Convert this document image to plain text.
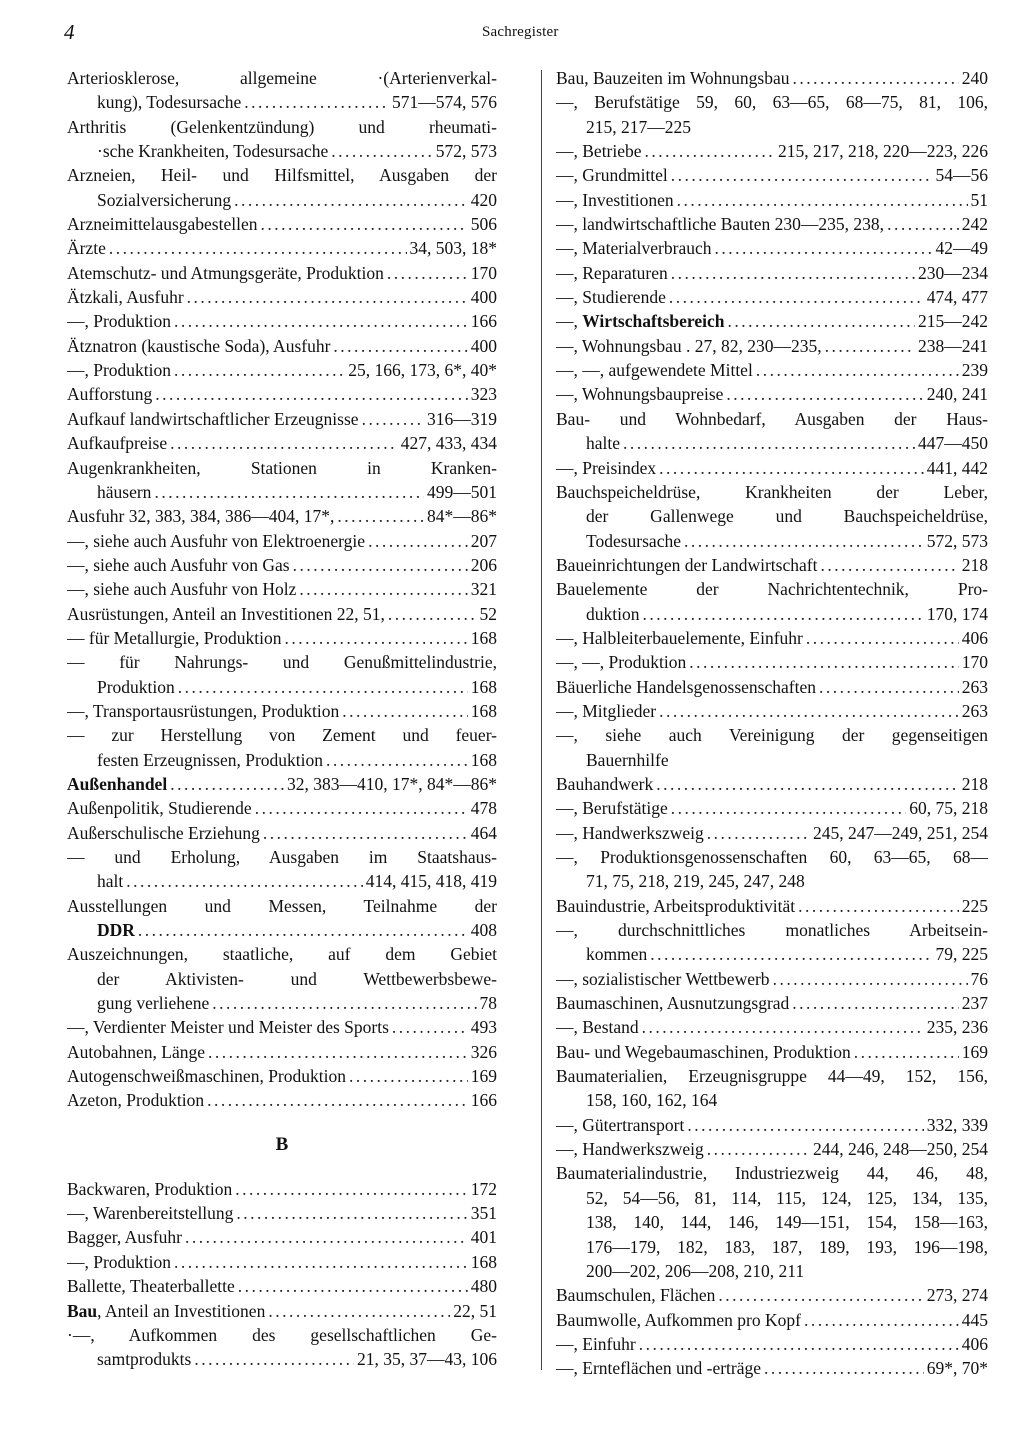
4	Sachregister
Arteriosklerose, allgemeine ·(Arterienverkal-
kung), Todesursache .....	571—574, 576
Arthritis (Gelenkentzündung) und rheumati-
·sche Krankheiten, Todesursache .....	572, 573
Arzneien, Heil- und Hilfsmittel, Ausgaben der
Sozialversicherung .....	420
Arzneimittelausgabestellen .....	506
Ärzte .....	34, 503, 18*
Atemschutz- und Atmungsgeräte, Produktion .....	170
Ätzkali, Ausfuhr .....	400
—, Produktion .....	166
Ätznatron (kaustische Soda), Ausfuhr .....	400
—, Produktion .....	25, 166, 173, 6*, 40*
Aufforstung .....	323
Aufkauf landwirtschaftlicher Erzeugnisse .....	316—319
Aufkaufpreise .....	427, 433, 434
Augenkrankheiten, Stationen in Kranken-
häusern .....	499—501
Ausfuhr 32, 383, 384, 386—404, 17*, .....	84*—86*
—, siehe auch Ausfuhr von Elektroenergie .....	207
—, siehe auch Ausfuhr von Gas .....	206
—, siehe auch Ausfuhr von Holz .....	321
Ausrüstungen, Anteil an Investitionen 22, 51, .....	52
— für Metallurgie, Produktion .....	168
— für Nahrungs- und Genußmittelindustrie,
Produktion .....	168
—, Transportausrüstungen, Produktion .....	168
— zur Herstellung von Zement und feuer-
festen Erzeugnissen, Produktion .....	168
Außenhandel .....	32, 383—410, 17*, 84*—86*
Außenpolitik, Studierende .....	478
Außerschulische Erziehung .....	464
— und Erholung, Ausgaben im Staatshaus-
halt .....	414, 415, 418, 419
Ausstellungen und Messen, Teilnahme der
DDR .....	408
Auszeichnungen, staatliche, auf dem Gebiet
der Aktivisten- und Wettbewerbsbewe-
gung verliehene .....	78
—, Verdienter Meister und Meister des Sports .....	493
Autobahnen, Länge .....	326
Autogenschweißmaschinen, Produktion .....	169
Azeton, Produktion .....	166
B
Backwaren, Produktion .....	172
—, Warenbereitstellung .....	351
Bagger, Ausfuhr .....	401
—, Produktion .....	168
Ballette, Theaterballette .....	480
Bau, Anteil an Investitionen .....	22, 51
·—, Aufkommen des gesellschaftlichen Ge-
samtprodukts .....	21, 35, 37—43, 106
Bau, Bauzeiten im Wohnungsbau .....	240
—, Berufstätige 59, 60, 63—65, 68—75, 81, 106,
215, 217—225
—, Betriebe .....	215, 217, 218, 220—223, 226
—, Grundmittel .....	54—56
—, Investitionen .....	51
—, landwirtschaftliche Bauten 230—235, 238, .....	242
—, Materialverbrauch .....	42—49
—, Reparaturen .....	230—234
—, Studierende .....	474, 477
—, Wirtschaftsbereich .....	215—242
—, Wohnungsbau . 27, 82, 230—235, .....	238—241
—, —, aufgewendete Mittel .....	239
—, Wohnungsbaupreise .....	240, 241
Bau- und Wohnbedarf, Ausgaben der Haus-
halte .....	447—450
—, Preisindex .....	441, 442
Bauchspeicheldrüse, Krankheiten der Leber,
der Gallenwege und Bauchspeicheldrüse,
Todesursache .....	572, 573
Baueinrichtungen der Landwirtschaft .....	218
Bauelemente der Nachrichtentechnik, Pro-
duktion .....	170, 174
—, Halbleiterbauelemente, Einfuhr .....	406
—, —, Produktion .....	170
Bäuerliche Handelsgenossenschaften .....	263
—, Mitglieder .....	263
—, siehe auch Vereinigung der gegenseitigen
Bauernhilfe
Bauhandwerk .....	218
—, Berufstätige .....	60, 75, 218
—, Handwerkszweig .....	245, 247—249, 251, 254
—, Produktionsgenossenschaften 60, 63—65, 68—
71, 75, 218, 219, 245, 247, 248
Bauindustrie, Arbeitsproduktivität .....	225
—, durchschnittliches monatliches Arbeitsein-
kommen .....	79, 225
—, sozialistischer Wettbewerb .....	76
Baumaschinen, Ausnutzungsgrad .....	237
—, Bestand .....	235, 236
Bau- und Wegebaumaschinen, Produktion .....	169
Baumaterialien, Erzeugnisgruppe 44—49, 152, 156,
158, 160, 162, 164
—, Gütertransport .....	332, 339
—, Handwerkszweig .....	244, 246, 248—250, 254
Baumaterialindustrie, Industriezweig 44, 46, 48,
52, 54—56, 81, 114, 115, 124, 125, 134, 135,
138, 140, 144, 146, 149—151, 154, 158—163,
176—179, 182, 183, 187, 189, 193, 196—198,
200—202, 206—208, 210, 211
Baumschulen, Flächen .....	273, 274
Baumwolle, Aufkommen pro Kopf .....	445
—, Einfuhr .....	406
—, Ernteflächen und -erträge .....	69*, 70*
